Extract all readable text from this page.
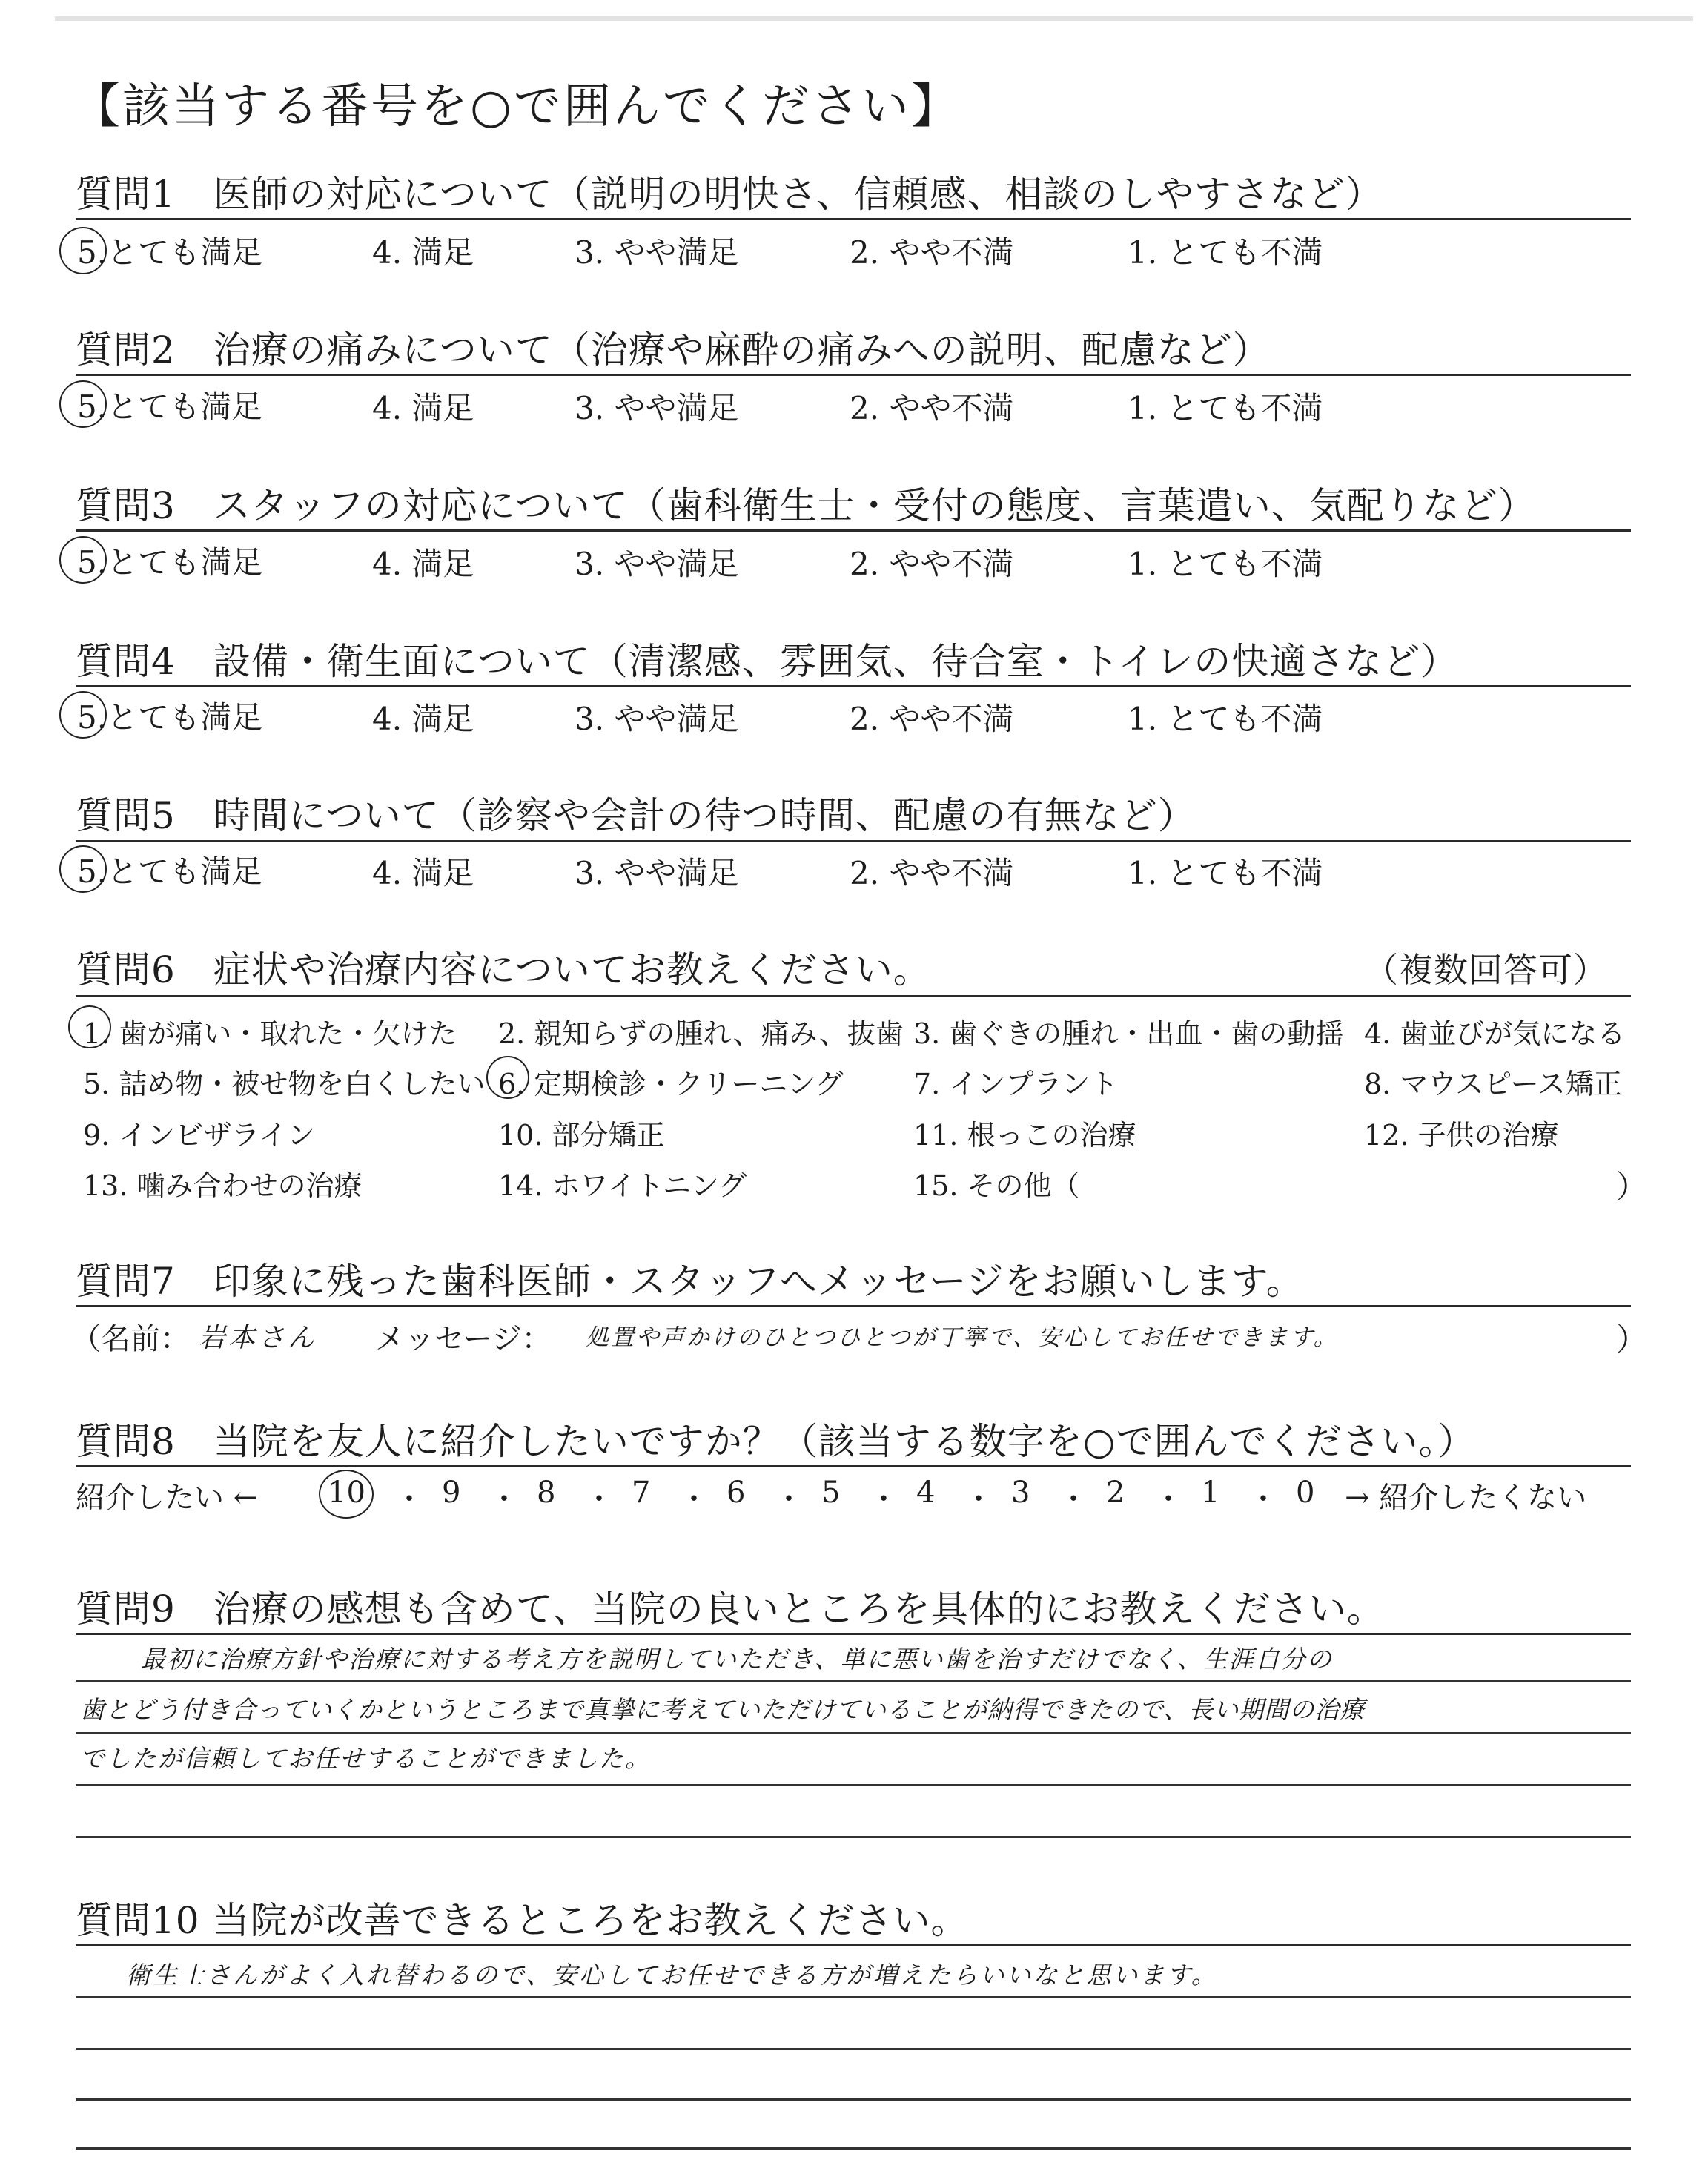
【該当する番号を○で囲んでください】
質問1　医師の対応について（説明の明快さ、信頼感、相談のしやすさなど）
5.とても満足	4. 満足	3. やや満足	2. やや不満	1. とても不満
質問2　治療の痛みについて（治療や麻酔の痛みへの説明、配慮など）
5.とても満足	4. 満足	3. やや満足	2. やや不満	1. とても不満
質問3　スタッフの対応について（歯科衛生士・受付の態度、言葉遣い、気配りなど）
5.とても満足	4. 満足	3. やや満足	2. やや不満	1. とても不満
質問4　設備・衛生面について（清潔感、雰囲気、待合室・トイレの快適さなど）
5.とても満足	4. 満足	3. やや満足	2. やや不満	1. とても不満
質問5　時間について（診察や会計の待つ時間、配慮の有無など）
5.とても満足	4. 満足	3. やや満足	2. やや不満	1. とても不満
質問6　症状や治療内容についてお教えください。	（複数回答可）
1. 歯が痛い・取れた・欠けた 2. 親知らずの腫れ、痛み、抜歯 3. 歯ぐきの腫れ・出血・歯の動揺 4. 歯並びが気になる
5. 詰め物・被せ物を白くしたい 6. 定期検診・クリーニング 7. インプラント	8. マウスピース矯正
9. インビザライン	10. 部分矯正	11. 根っこの治療	12. 子供の治療
13. 噛み合わせの治療	14. ホワイトニング	15. その他（	）
質問7　印象に残った歯科医師・スタッフへメッセージをお願いします。
（名前： 岩本さん メッセージ： 処置や声かけのひとつひとつが丁寧で、安心してお任せできます。	）
質問8　当院を友人に紹介したいですか？（該当する数字を○で囲んでください。）
紹介したい ← 10 ・ 9 ・ 8 ・ 7 ・ 6 ・ 5 ・ 4 ・ 3 ・ 2 ・ 1 ・ 0 → 紹介したくない
質問9　治療の感想も含めて、当院の良いところを具体的にお教えください。
最初に治療方針や治療に対する考え方を説明していただき、単に悪い歯を治すだけでなく、生涯自分の
歯とどう付き合っていくかというところまで真摯に考えていただけていることが納得できたので、長い期間の治療
でしたが信頼してお任せすることができました。
質問10 当院が改善できるところをお教えください。
衛生士さんがよく入れ替わるので、安心してお任せできる方が増えたらいいなと思います。
